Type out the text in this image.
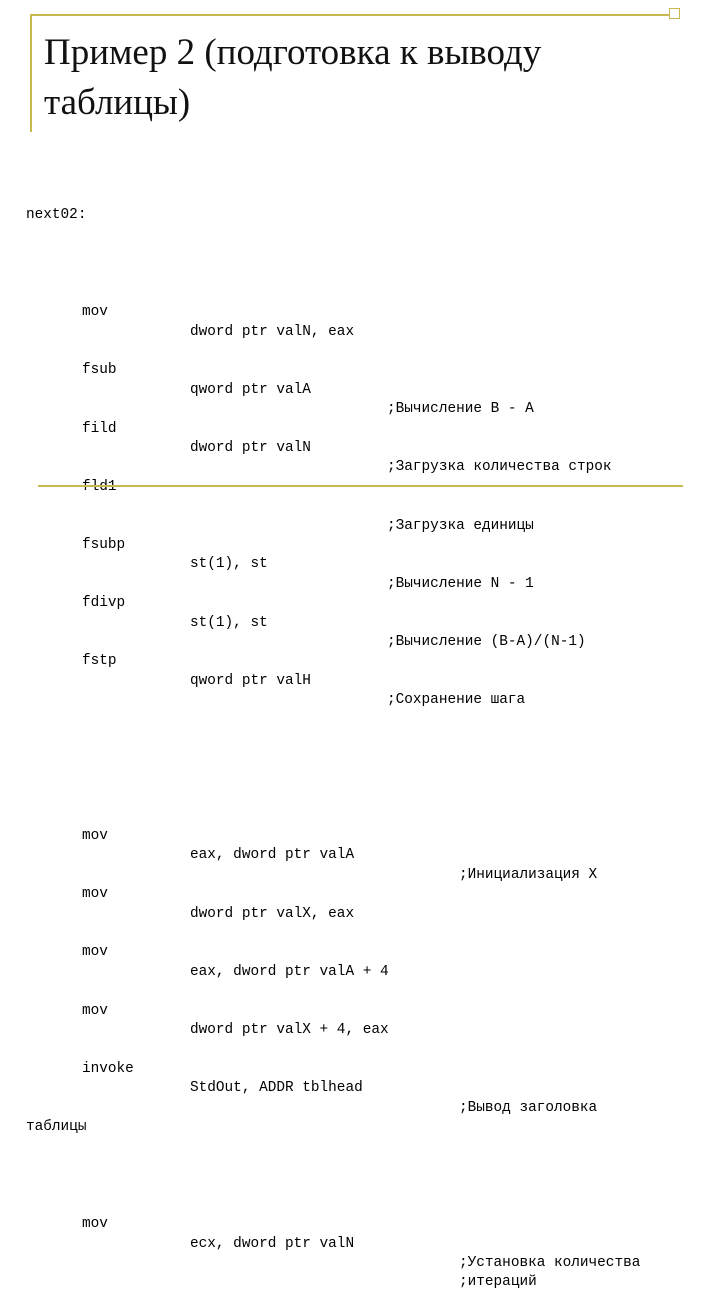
Пример 2 (подготовка к выводу таблицы)

next02:

mov

dword ptr valN, eax

fsub

qword ptr valA

;Вычисление B - A

fild

dword ptr valN

;Загрузка количества строк

;Загрузка единицы

fsubp

st(1), st

;Вычисление N - 1

fdivp

st(1), st

;Вычисление (B-A)/(N-1)

fstp

qword ptr valH

;Сохранение шага

mov

eax, dword ptr valA

;Инициализация X

mov

dword ptr valX, eax

mov

eax, dword ptr valA + 4

mov

dword ptr valX + 4, eax

invoke

StdOut, ADDR tblhead

;Вывод заголовка

таблицы

mov

ecx, dword ptr valN

;Установка количества

;итераций
